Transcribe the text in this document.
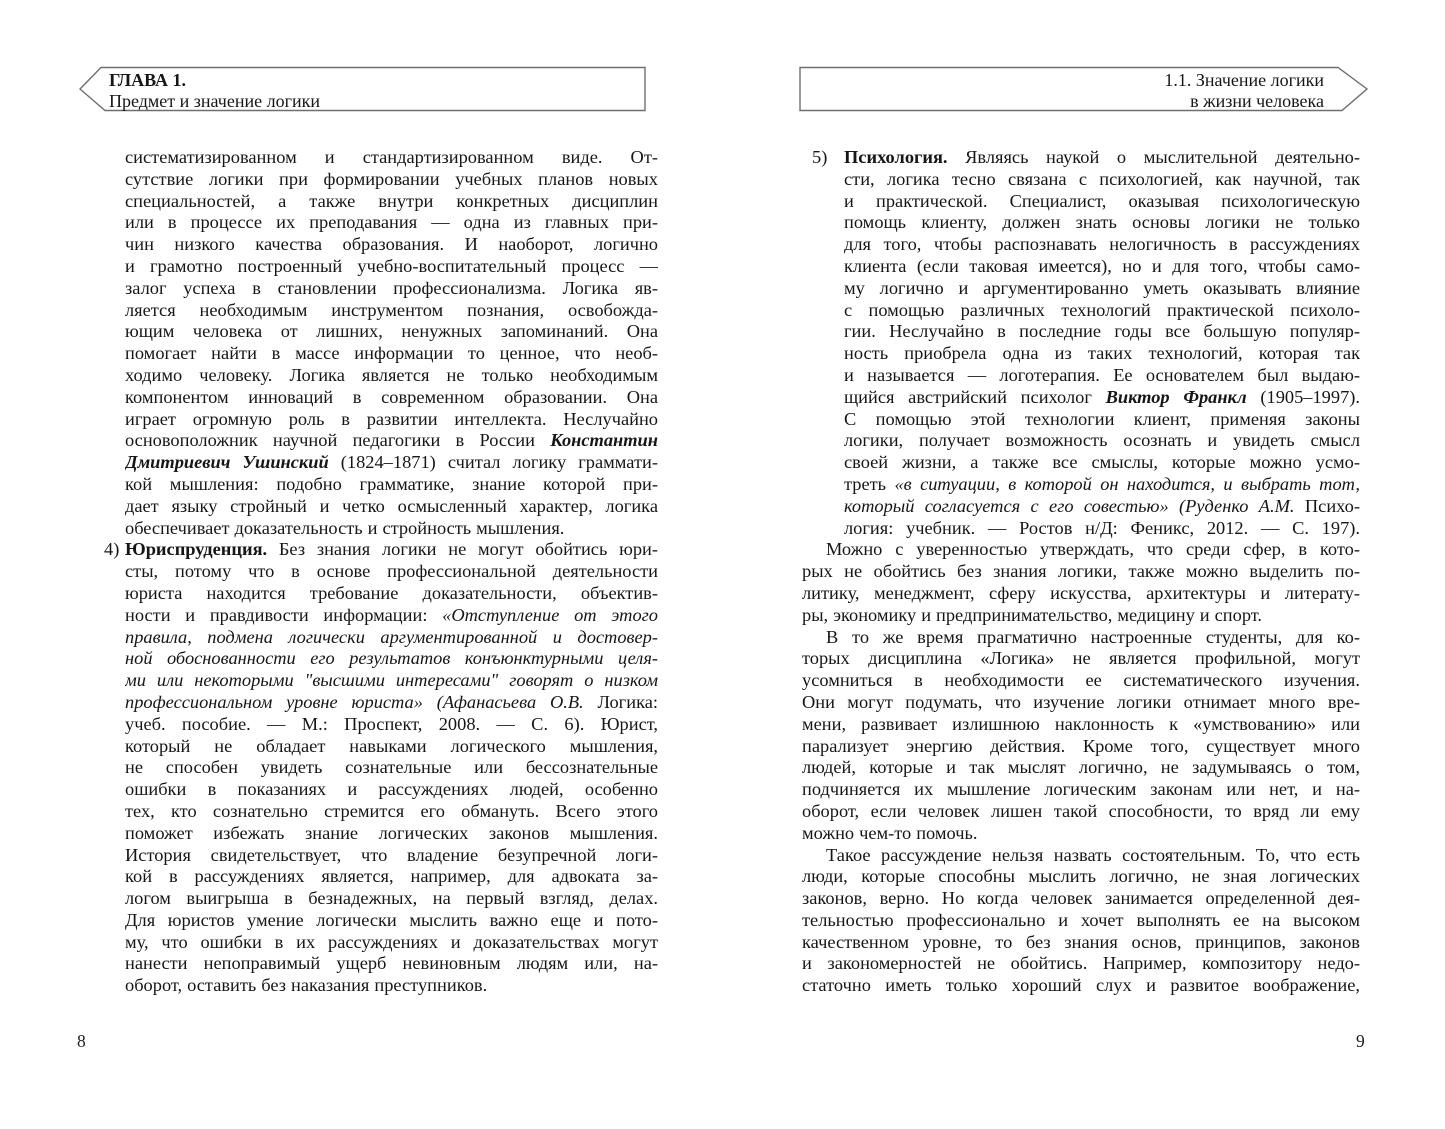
ГЛАВА 1.
Предмет и значение логики
1.1. Значение логики
в жизни человека
систематизированном и стандартизированном виде. От-
сутствие логики при формировании учебных планов новых
специальностей, а также внутри конкретных дисциплин
или в процессе их преподавания — одна из главных при-
чин низкого качества образования. И наоборот, логично
и грамотно построенный учебно-воспитательный процесс —
залог успеха в становлении профессионализма. Логика яв-
ляется необходимым инструментом познания, освобожда-
ющим человека от лишних, ненужных запоминаний. Она
помогает найти в массе информации то ценное, что необ-
ходимо человеку. Логика является не только необходимым
компонентом инноваций в современном образовании. Она
играет огромную роль в развитии интеллекта. Неслучайно
основоположник научной педагогики в России Константин
Дмитриевич Ушинский (1824–1871) считал логику граммати-
кой мышления: подобно грамматике, знание которой при-
дает языку стройный и четко осмысленный характер, логика
обеспечивает доказательность и стройность мышления.
4) Юриспруденция. Без знания логики не могут обойтись юри-
сты, потому что в основе профессиональной деятельности
юриста находится требование доказательности, объектив-
ности и правдивости информации: «Отступление от этого
правила, подмена логически аргументированной и достовер-
ной обоснованности его результатов конъюнктурными целя-
ми или некоторыми "высшими интересами" говорят о низком
профессиональном уровне юриста» (Афанасьева О.В. Логика:
учеб. пособие. — М.: Проспект, 2008. — С. 6). Юрист,
который не обладает навыками логического мышления,
не способен увидеть сознательные или бессознательные
ошибки в показаниях и рассуждениях людей, особенно
тех, кто сознательно стремится его обмануть. Всего этого
поможет избежать знание логических законов мышления.
История свидетельствует, что владение безупречной логи-
кой в рассуждениях является, например, для адвоката за-
логом выигрыша в безнадежных, на первый взгляд, делах.
Для юристов умение логически мыслить важно еще и пото-
му, что ошибки в их рассуждениях и доказательствах могут
нанести непоправимый ущерб невиновным людям или, на-
оборот, оставить без наказания преступников.
5) Психология. Являясь наукой о мыслительной деятельно-
сти, логика тесно связана с психологией, как научной, так
и практической. Специалист, оказывая психологическую
помощь клиенту, должен знать основы логики не только
для того, чтобы распознавать нелогичность в рассуждениях
клиента (если таковая имеется), но и для того, чтобы само-
му логично и аргументированно уметь оказывать влияние
с помощью различных технологий практической психоло-
гии. Неслучайно в последние годы все большую популяр-
ность приобрела одна из таких технологий, которая так
и называется — логотерапия. Ее основателем был выдаю-
щийся австрийский психолог Виктор Франкл (1905–1997).
С помощью этой технологии клиент, применяя законы
логики, получает возможность осознать и увидеть смысл
своей жизни, а также все смыслы, которые можно усмо-
треть «в ситуации, в которой он находится, и выбрать тот,
который согласуется с его совестью» (Руденко А.М. Психо-
логия: учебник. — Ростов н/Д: Феникс, 2012. — С. 197).
Можно с уверенностью утверждать, что среди сфер, в кото-
рых не обойтись без знания логики, также можно выделить по-
литику, менеджмент, сферу искусства, архитектуры и литерату-
ры, экономику и предпринимательство, медицину и спорт.
В то же время прагматично настроенные студенты, для ко-
торых дисциплина «Логика» не является профильной, могут
усомниться в необходимости ее систематического изучения.
Они могут подумать, что изучение логики отнимает много вре-
мени, развивает излишнюю наклонность к «умствованию» или
парализует энергию действия. Кроме того, существует много
людей, которые и так мыслят логично, не задумываясь о том,
подчиняется их мышление логическим законам или нет, и на-
оборот, если человек лишен такой способности, то вряд ли ему
можно чем-то помочь.
Такое рассуждение нельзя назвать состоятельным. То, что есть
люди, которые способны мыслить логично, не зная логических
законов, верно. Но когда человек занимается определенной дея-
тельностью профессионально и хочет выполнять ее на высоком
качественном уровне, то без знания основ, принципов, законов
и закономерностей не обойтись. Например, композитору недо-
статочно иметь только хороший слух и развитое воображение,
8	9
